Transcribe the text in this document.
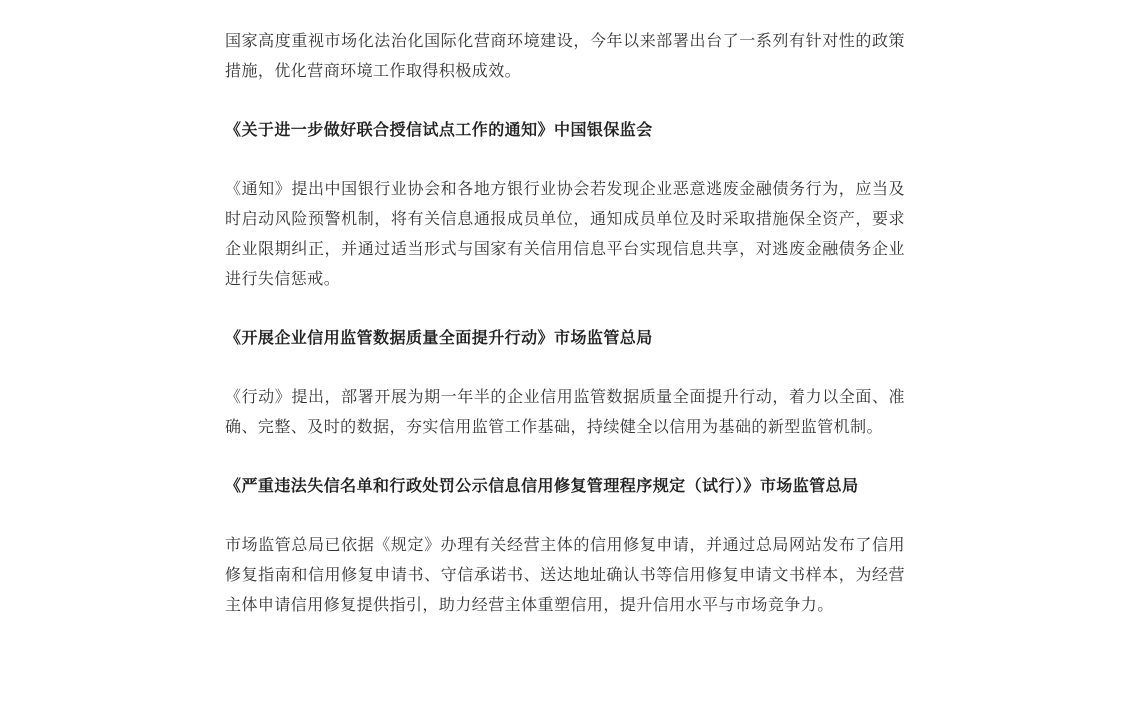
国家高度重视市场化法治化国际化营商环境建设，今年以来部署出台了一系列有针对性的政策措施，优化营商环境工作取得积极成效。

《关于进一步做好联合授信试点工作的通知》中国银保监会

《通知》提出中国银行业协会和各地方银行业协会若发现企业恶意逃废金融债务行为，应当及时启动风险预警机制，将有关信息通报成员单位，通知成员单位及时采取措施保全资产，要求企业限期纠正，并通过适当形式与国家有关信用信息平台实现信息共享，对逃废金融债务企业进行失信惩戒。

《开展企业信用监管数据质量全面提升行动》市场监管总局

《行动》提出，部署开展为期一年半的企业信用监管数据质量全面提升行动，着力以全面、准确、完整、及时的数据，夯实信用监管工作基础，持续健全以信用为基础的新型监管机制。

《严重违法失信名单和行政处罚公示信息信用修复管理程序规定（试行）》市场监管总局

市场监管总局已依据《规定》办理有关经营主体的信用修复申请，并通过总局网站发布了信用修复指南和信用修复申请书、守信承诺书、送达地址确认书等信用修复申请文书样本，为经营主体申请信用修复提供指引，助力经营主体重塑信用，提升信用水平与市场竞争力。
